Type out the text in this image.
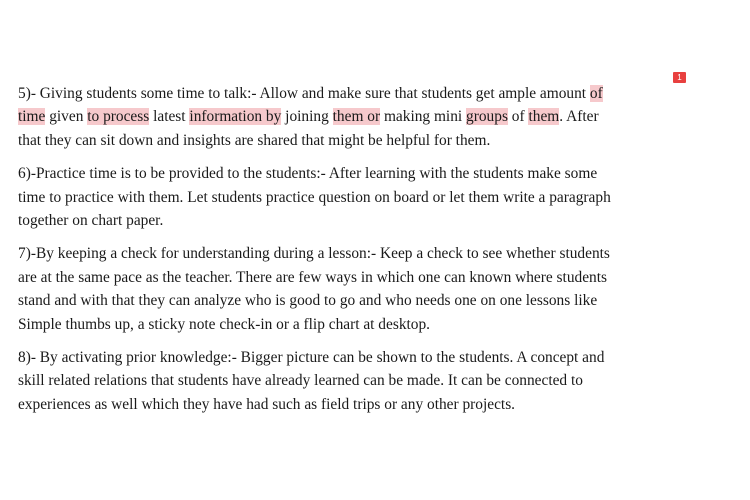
5)- Giving students some time to talk:- Allow and make sure that students get ample amount of
time given to process latest information by joining them or making mini groups of them. After
that they can sit down and insights are shared that might be helpful for them.
6)-Practice time is to be provided to the students:- After learning with the students make some
time to practice with them. Let students practice question on board or let them write a paragraph
together on chart paper.
7)-By keeping a check for understanding during a lesson:- Keep a check to see whether students
are at the same pace as the teacher. There are few ways in which one can known where students
stand and with that they can analyze who is good to go and who needs one on one lessons like
Simple thumbs up, a sticky note check-in or a flip chart at desktop.
8)- By activating prior knowledge:- Bigger picture can be shown to the students. A concept and
skill related relations that students have already learned can be made. It can be connected to
experiences as well which they have had such as field trips or any other projects.
1
